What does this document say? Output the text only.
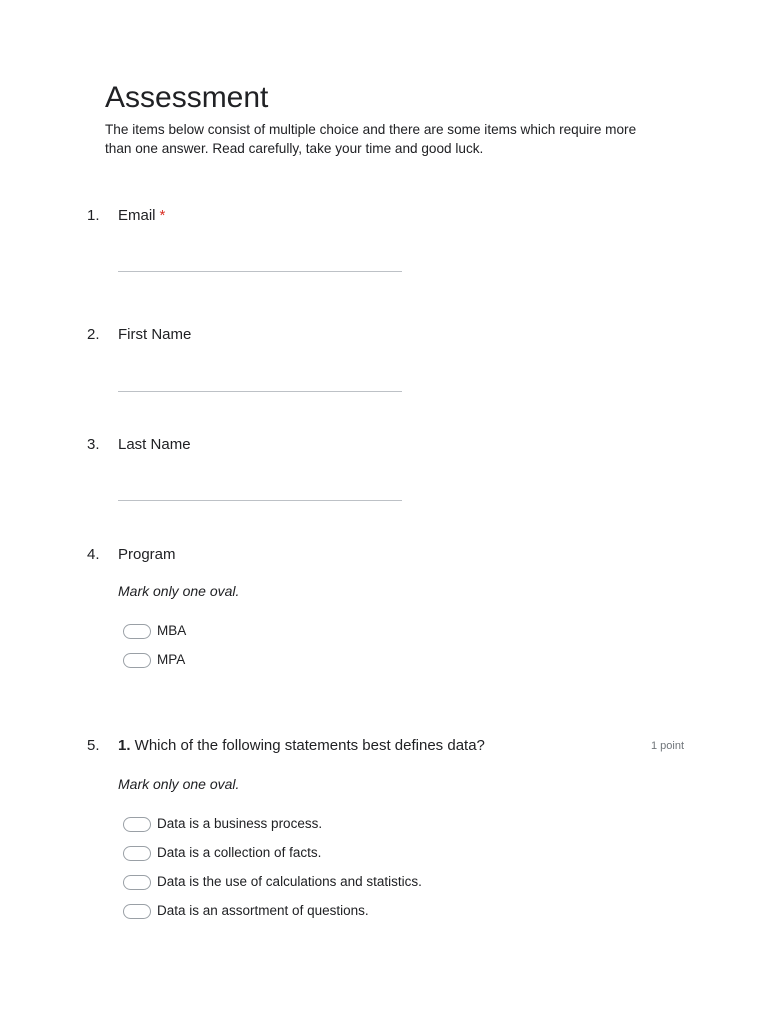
Assessment

The items below consist of multiple choice and there are some items which require more than one answer. Read carefully, take your time and good luck.

1. Email *
2. First Name
3. Last Name
4. Program
Mark only one oval.
MBA
MPA
5. 1. Which of the following statements best defines data?	1 point
Mark only one oval.
Data is a business process.
Data is a collection of facts.
Data is the use of calculations and statistics.
Data is an assortment of questions.
